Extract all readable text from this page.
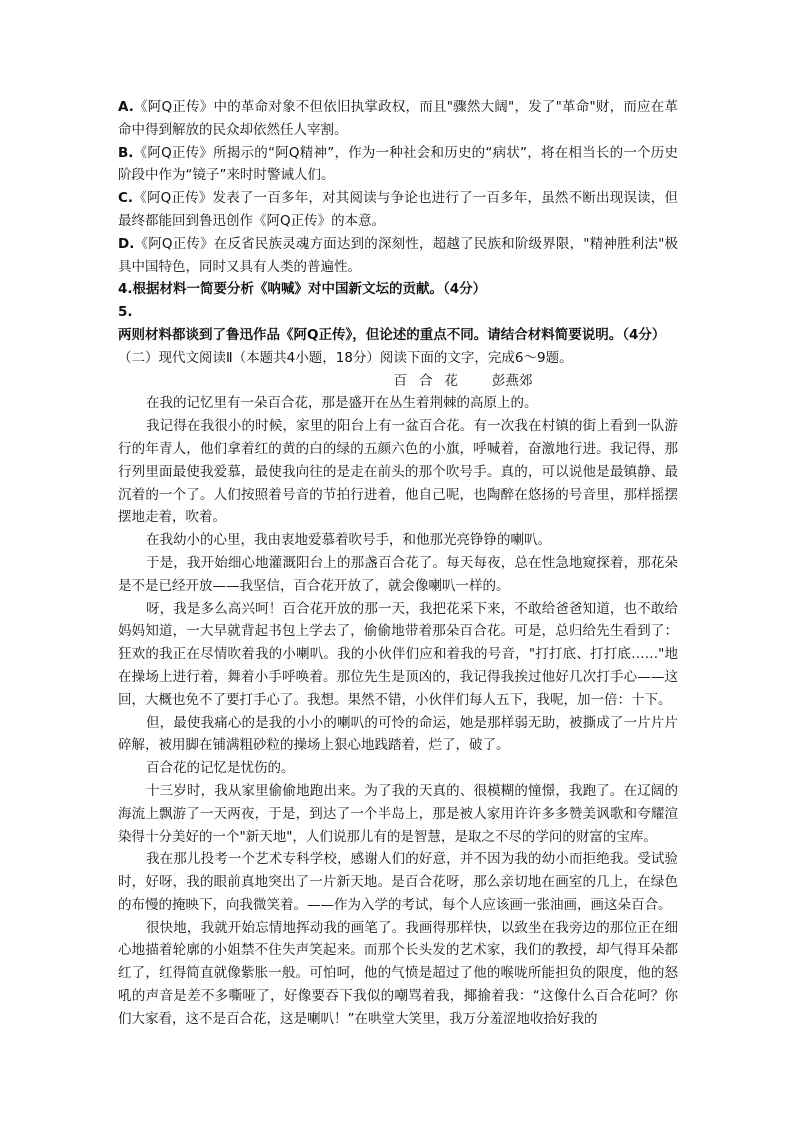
A.《阿Q正传》中的革命对象不但依旧执掌政权，而且"骤然大阔"，发了"革命"财，而应在革命中得到解放的民众却依然任人宰割。

B.《阿Q正传》所揭示的“阿Q精神”，作为一种社会和历史的“病状”，将在相当长的一个历史阶段中作为“镜子”来时时警诫人们。

C.《阿Q正传》发表了一百多年，对其阅读与争论也进行了一百多年，虽然不断出现误读，但最终都能回到鲁迅创作《阿Q正传》的本意。

D.《阿Q正传》在反省民族灵魂方面达到的深刻性，超越了民族和阶级界限，"精神胜利法"极具中国特色，同时又具有人类的普遍性。

4.根据材料一简要分析《呐喊》对中国新文坛的贡献。（4分）

5.两则材料都谈到了鲁迅作品《阿Q正传》，但论述的重点不同。请结合材料简要说明。（4分）

（二）现代文阅读Ⅱ（本题共4小题，18分）阅读下面的文字，完成6～9题。

百合花 彭燕郊

在我的记忆里有一朵百合花，那是盛开在丛生着荆棘的高原上的。

我记得在我很小的时候，家里的阳台上有一盆百合花。有一次我在村镇的街上看到一队游行的年青人，他们拿着红的黄的白的绿的五颜六色的小旗，呼喊着，奋激地行进。我记得，那行列里面最使我爱慕，最使我向往的是走在前头的那个吹号手。真的，可以说他是最镇静、最沉着的一个了。人们按照着号音的节拍行进着，他自己呢，也陶醉在悠扬的号音里，那样摇摆摆地走着，吹着。

在我幼小的心里，我由衷地爱慕着吹号手，和他那光亮铮铮的喇叭。

于是，我开始细心地灌溉阳台上的那盏百合花了。每天每夜，总在性急地窥探着，那花朵是不是已经开放——我坚信，百合花开放了，就会像喇叭一样的。

呀，我是多么高兴呵！百合花开放的那一天，我把花采下来，不敢给爸爸知道，也不敢给妈妈知道，一大早就背起书包上学去了，偷偷地带着那朵百合花。可是，总归给先生看到了：狂欢的我正在尽情吹着我的小喇叭。我的小伙伴们应和着我的号音，"打打底、打打底……"地在操场上进行着，舞着小手呼唤着。那位先生是顶凶的，我记得我挨过他好几次打手心——这回，大概也免不了要打手心了。我想。果然不错，小伙伴们每人五下，我呢，加一倍：十下。

但，最使我痛心的是我的小小的喇叭的可怜的命运，她是那样弱无助，被撕成了一片片片碎解，被用脚在铺满粗砂粒的操场上狠心地践踏着，烂了，破了。

百合花的记忆是忧伤的。

十三岁时，我从家里偷偷地跑出来。为了我的天真的、很模糊的憧憬，我跑了。在辽阔的海流上飘游了一天两夜，于是，到达了一个半岛上，那是被人家用许许多多赞美讽歌和夸耀渲染得十分美好的一个"新天地"，人们说那儿有的是智慧，是取之不尽的学问的财富的宝库。

我在那儿投考一个艺术专科学校，感谢人们的好意，并不因为我的幼小而拒绝我。受试验时，好呀，我的眼前真地突出了一片新天地。是百合花呀，那么亲切地在画室的几上，在绿色的布慢的掩映下，向我微笑着。——作为入学的考试，每个人应该画一张油画，画这朵百合。

很快地，我就开始忘情地挥动我的画笔了。我画得那样快，以致坐在我旁边的那位正在细心地描着轮廓的小姐禁不住失声笑起来。而那个长头发的艺术家，我们的教授，却气得耳朵都红了，红得简直就像紫胀一般。可怕呵，他的气愤是超过了他的喉咙所能担负的限度，他的怒吼的声音是差不多嘶哑了，好像要吞下我似的嘲骂着我，揶揄着我：“这像什么百合花呵？你们大家看，这不是百合花，这是喇叭！”在哄堂大笑里，我万分羞涩地收拾好我的
